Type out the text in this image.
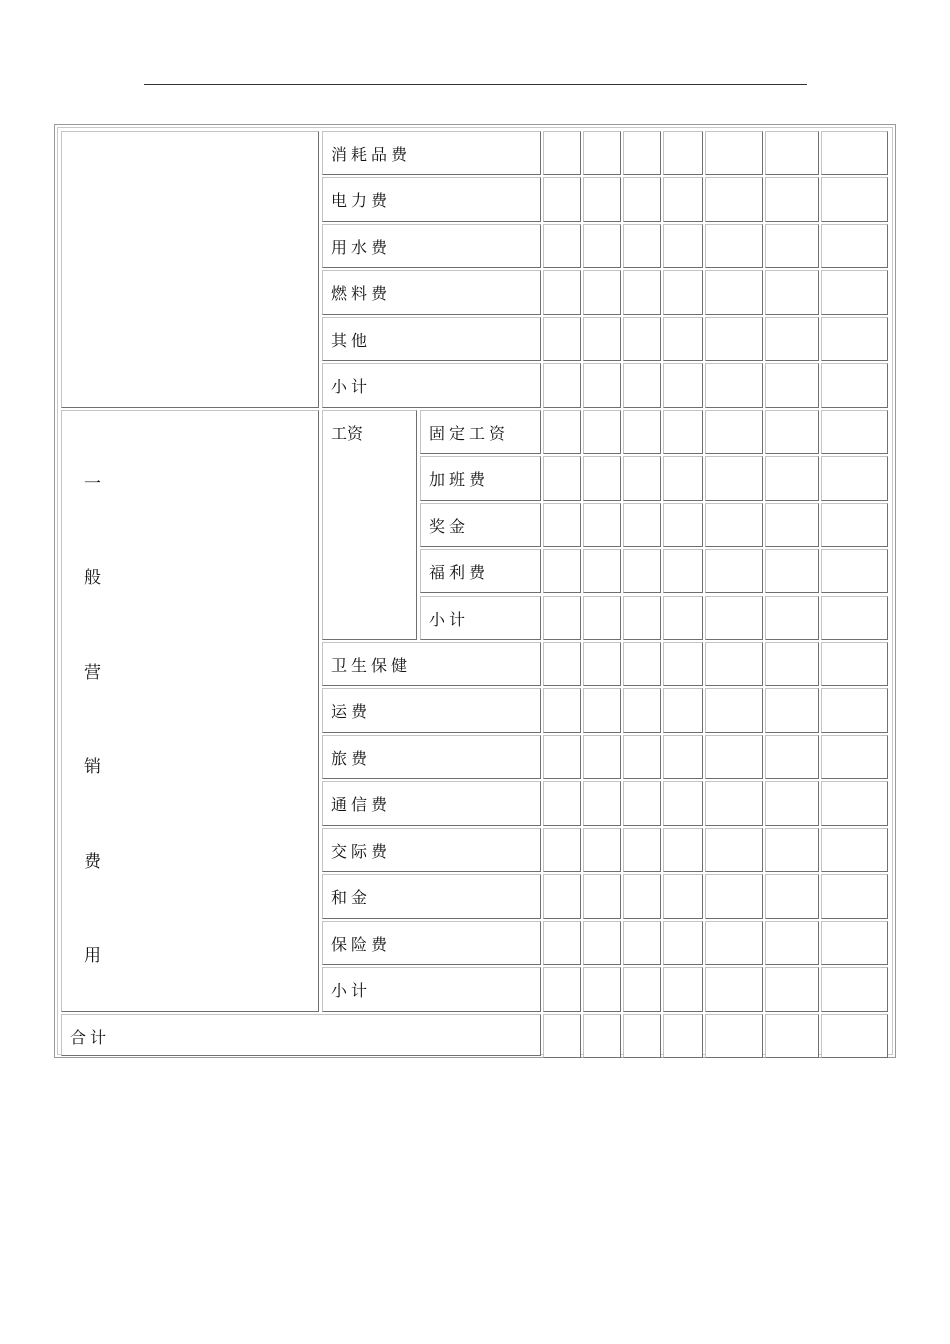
消耗品费
电力费
用水费
燃料费
其他
小计
一
般
营
销
费
用
工资	固定工资
加班费
奖金
福利费
小计
卫生保健
运费
旅费
通信费
交际费
和金
保险费
小计
合计
